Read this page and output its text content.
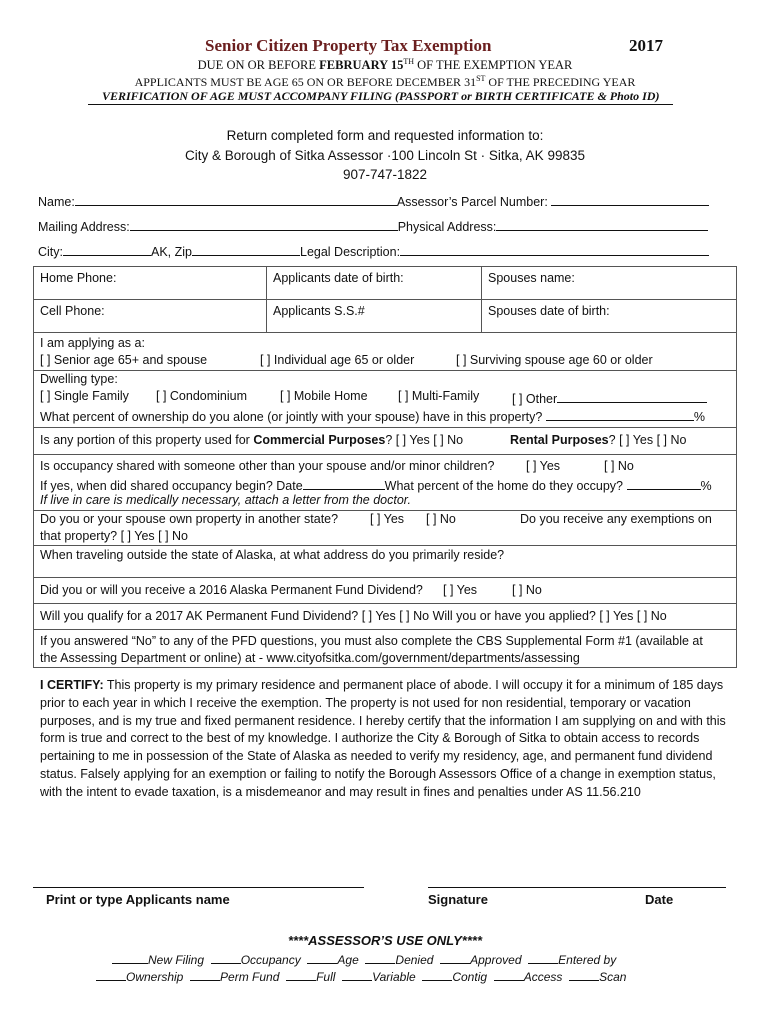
Senior Citizen Property Tax Exemption	2017
DUE ON OR BEFORE FEBRUARY 15TH OF THE EXEMPTION YEAR
APPLICANTS MUST BE AGE 65 ON OR BEFORE DECEMBER 31ST OF THE PRECEDING YEAR
VERIFICATION OF AGE MUST ACCOMPANY FILING (PASSPORT or BIRTH CERTIFICATE & Photo ID)
Return completed form and requested information to:
City & Borough of Sitka Assessor ·100 Lincoln St · Sitka, AK 99835
907-747-1822
Name:	Assessor’s Parcel Number:
Mailing Address:	Physical Address:
City:	AK, Zip	Legal Description:
Home Phone:	Applicants date of birth:	Spouses name:
Cell Phone:	Applicants S.S.#	Spouses date of birth:
I am applying as a:
[ ] Senior age 65+ and spouse	[ ] Individual age 65 or older	[ ] Surviving spouse age 60 or older
Dwelling type:
[ ] Single Family [ ] Condominium	[ ] Mobile Home [ ] Multi-Family	[ ] Other
What percent of ownership do you alone (or jointly with your spouse) have in this property?	%
Is any portion of this property used for Commercial Purposes? [ ] Yes [ ] No	Rental Purposes? [ ] Yes [ ] No
Is occupancy shared with someone other than your spouse and/or minor children?	[ ] Yes	[ ] No
If yes, when did shared occupancy begin? Date	What percent of the home do they occupy?	%
If live in care is medically necessary, attach a letter from the doctor.
Do you or your spouse own property in another state?	[ ] Yes [ ] No	Do you receive any exemptions on
that property? [ ] Yes [ ] No
When traveling outside the state of Alaska, at what address do you primarily reside?
Did you or will you receive a 2016 Alaska Permanent Fund Dividend? [ ] Yes	[ ] No
Will you qualify for a 2017 AK Permanent Fund Dividend? [ ] Yes [ ] No Will you or have you applied? [ ] Yes [ ] No
If you answered “No” to any of the PFD questions, you must also complete the CBS Supplemental Form #1 (available at
the Assessing Department or online) at - www.cityofsitka.com/government/departments/assessing
I CERTIFY: This property is my primary residence and permanent place of abode. I will occupy it for a minimum of 185 days prior to each year in which I receive the exemption. The property is not used for non residential, temporary or vacation purposes, and is my true and fixed permanent residence. I hereby certify that the information I am supplying on and with this form is true and correct to the best of my knowledge. I authorize the City & Borough of Sitka to obtain access to records pertaining to me in possession of the State of Alaska as needed to verify my residency, age, and permanent fund dividend status. Falsely applying for an exemption or failing to notify the Borough Assessors Office of a change in exemption status, with the intent to evade taxation, is a misdemeanor and may result in fines and penalties under AS 11.56.210
Print or type Applicants name	Signature	Date
****ASSESSOR’S USE ONLY****
New Filing	Occupancy	Age	Denied	Approved	Entered by
Ownership	Perm Fund	Full	Variable	Contig	Access	Scan
